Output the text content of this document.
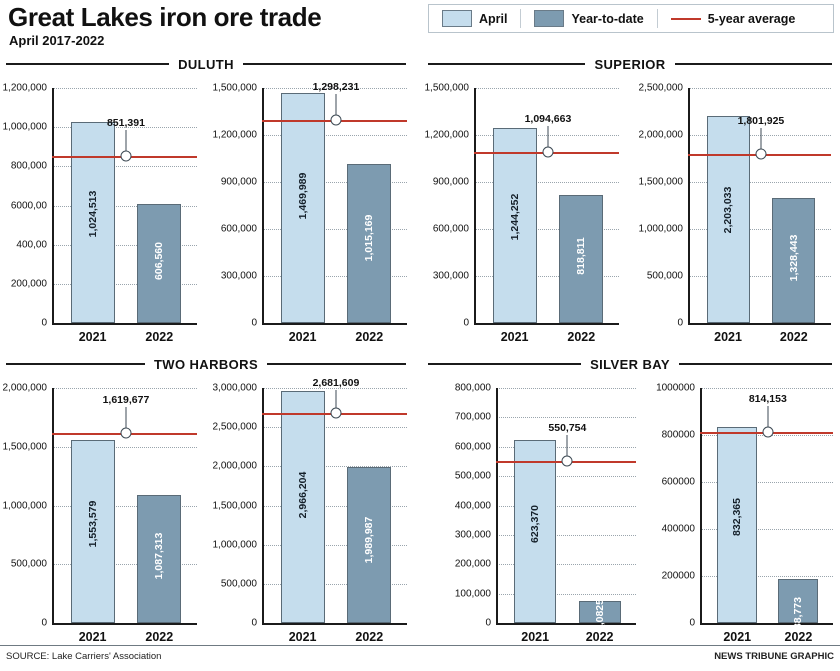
Great Lakes iron ore trade
April 2017-2022
April	Year-to-date	5-year average
DULUTH	SUPERIOR
TWO HARBORS	SILVER BAY
0
200,000
400,00
6000,00
800,000
1,000,000
1,200,000
1,024,513
2021
606,560
2022
851,391
0
300,000
600,000
900,000
1,200,000
1,500,000
1,469,989
2021
1,015,169
2022
1,298,231
0
300,000
600,000
900,000
1,200,000
1,500,000
1,244,252
2021
818,811
2022
1,094,663
0
500,000
1,000,000
1,500,000
2,000,000
2,500,000
2,203,033
2021
1,328,443
2022
1,801,925
0
500,000
1,000,000
1,500,000
2,000,000
1,553,579
2021
1,087,313
2022
1,619,677
0
500,000
1,000,000
1,500,000
2,000,000
2,500,000
3,000,000
2,966,204
2021
1,989,987
2022
2,681,609
0
100,000
200,000
300,000
400,000
500,000
600,000
700,000
800,000
623,370
2021
76,0825
2022
550,754
0
200000
400000
600000
800000
1000000
832,365
2021
188,773
2022
814,153
SOURCE: Lake Carriers' Association	NEWS TRIBUNE GRAPHIC
